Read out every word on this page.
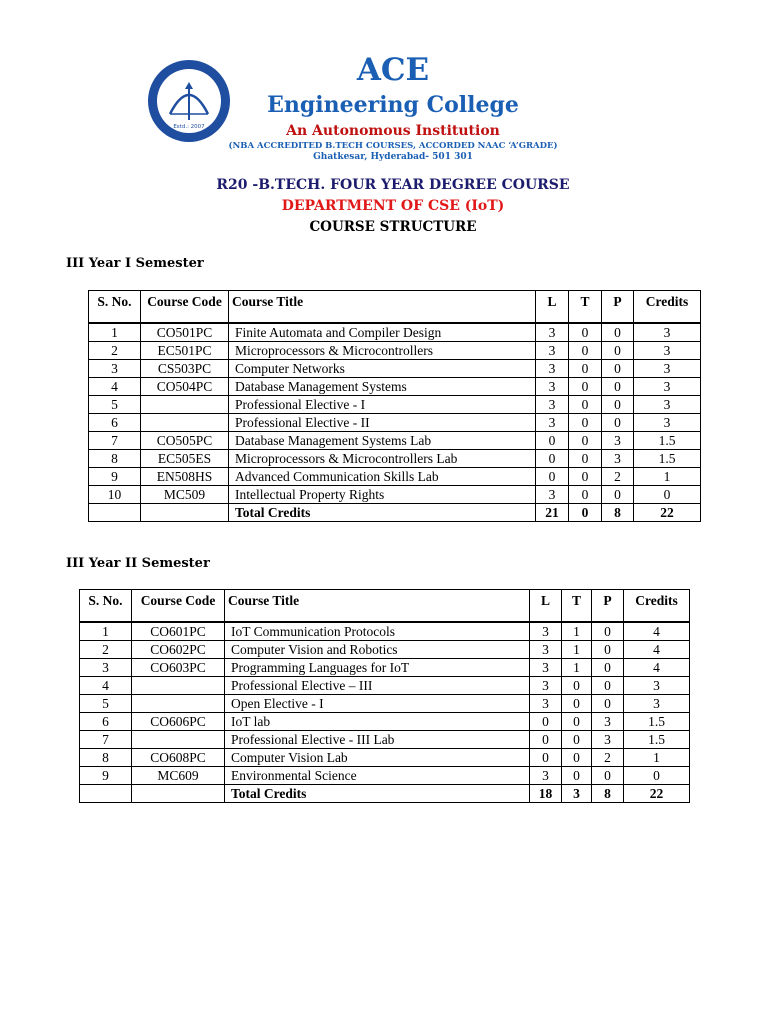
Estd.: 2007
ACE
Engineering College
An Autonomous Institution
(NBA ACCREDITED B.TECH COURSES, ACCORDED NAAC ‘A’GRADE)
Ghatkesar, Hyderabad- 501 301
R20 -B.TECH. FOUR YEAR DEGREE COURSE
DEPARTMENT OF CSE (IoT)
COURSE STRUCTURE
III Year I Semester
S. No.	Course Code	Course Title	L	T	P	Credits
1	CO501PC	Finite Automata and Compiler Design	3	0	0	3
2	EC501PC	Microprocessors & Microcontrollers	3	0	0	3
3	CS503PC	Computer Networks	3	0	0	3
4	CO504PC	Database Management Systems	3	0	0	3
5		Professional Elective - I	3	0	0	3
6		Professional Elective - II	3	0	0	3
7	CO505PC	Database Management Systems Lab	0	0	3	1.5
8	EC505ES	Microprocessors & Microcontrollers Lab	0	0	3	1.5
9	EN508HS	Advanced Communication Skills Lab	0	0	2	1
10	MC509	Intellectual Property Rights	3	0	0	0
		Total Credits	21	0	8	22
III Year II Semester
S. No.	Course Code	Course Title	L	T	P	Credits
1	CO601PC	IoT Communication Protocols	3	1	0	4
2	CO602PC	Computer Vision and Robotics	3	1	0	4
3	CO603PC	Programming Languages for IoT	3	1	0	4
4		Professional Elective – III	3	0	0	3
5		Open Elective - I	3	0	0	3
6	CO606PC	IoT lab	0	0	3	1.5
7		Professional Elective - III Lab	0	0	3	1.5
8	CO608PC	Computer Vision Lab	0	0	2	1
9	MC609	Environmental Science	3	0	0	0
		Total Credits	18	3	8	22
